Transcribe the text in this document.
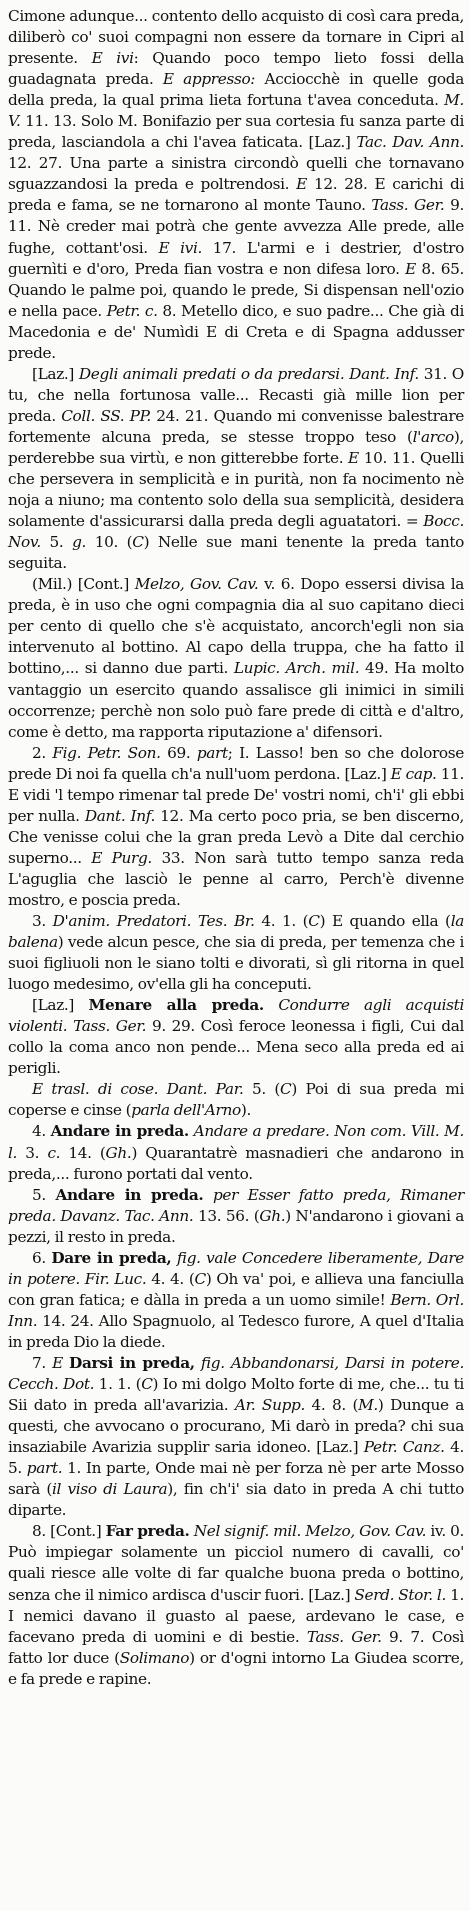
Cimone adunque... contento dello acquisto di così cara preda, diliberò co' suoi compagni non essere da tornare in Cipri al presente. E ivi: Quando poco tempo lieto fossi della guadagnata preda. E appresso: Acciocchè in quelle goda della preda, la qual prima lieta fortuna t'avea conceduta. M. V. 11. 13. Solo M. Bonifazio per sua cortesia fu sanza parte di preda, lasciandola a chi l'avea faticata. [Laz.] Tac. Dav. Ann. 12. 27. Una parte a sinistra circondò quelli che tornavano sguazzandosi la preda e poltrendosi. E 12. 28. E carichi di preda e fama, se ne tornarono al monte Tauno. Tass. Ger. 9. 11. Nè creder mai potrà che gente avvezza Alle prede, alle fughe, cottant'osi. E ivi. 17. L'armi e i destrier, d'ostro guernìti e d'oro, Preda fian vostra e non difesa loro. E 8. 65. Quando le palme poi, quando le prede, Si dispensan nell'ozio e nella pace. Petr. c. 8. Metello dico, e suo padre... Che già di Macedonia e de' Numìdi E di Creta e di Spagna addusser prede.

[Laz.] Degli animali predati o da predarsi. Dant. Inf. 31. O tu, che nella fortunosa valle... Recasti già mille lion per preda. Coll. SS. PP. 24. 21. Quando mi convenisse balestrare fortemente alcuna preda, se stesse troppo teso (l'arco), perderebbe sua virtù, e non gitterebbe forte. E 10. 11. Quelli che persevera in semplicità e in purità, non fa nocimento nè noja a niuno; ma contento solo della sua semplicità, desidera solamente d'assicurarsi dalla preda degli aguatatori. = Bocc. Nov. 5. g. 10. (C) Nelle sue mani tenente la preda tanto seguita.

(Mil.) [Cont.] Melzo, Gov. Cav. v. 6. Dopo essersi divisa la preda, è in uso che ogni compagnia dia al suo capitano dieci per cento di quello che s'è acquistato, ancorch'egli non sia intervenuto al bottino. Al capo della truppa, che ha fatto il bottino,... si danno due parti. Lupic. Arch. mil. 49. Ha molto vantaggio un esercito quando assalisce gli inimici in simili occorrenze; perchè non solo può fare prede di città e d'altro, come è detto, ma rapporta riputazione a' difensori.

2. Fig. Petr. Son. 69. part; I. Lasso! ben so che dolorose prede Di noi fa quella ch'a null'uom perdona. [Laz.] E cap. 11. E vidi 'l tempo rimenar tal prede De' vostri nomi, ch'i' gli ebbi per nulla. Dant. Inf. 12. Ma certo poco pria, se ben discerno, Che venisse colui che la gran preda Levò a Dite dal cerchio superno... E Purg. 33. Non sarà tutto tempo sanza reda L'aguglia che lasciò le penne al carro, Perch'è divenne mostro, e poscia preda.

3. D'anim. Predatori. Tes. Br. 4. 1. (C) E quando ella (la balena) vede alcun pesce, che sia di preda, per temenza che i suoi figliuoli non le siano tolti e divorati, sì gli ritorna in quel luogo medesimo, ov'ella gli ha conceputi.

[Laz.] Menare alla preda. Condurre agli acquisti violenti. Tass. Ger. 9. 29. Così feroce leonessa i figli, Cui dal collo la coma anco non pende... Mena seco alla preda ed ai perigli.

E trasl. di cose. Dant. Par. 5. (C) Poi di sua preda mi coperse e cinse (parla dell'Arno).

4. Andare in preda. Andare a predare. Non com. Vill. M. l. 3. c. 14. (Gh.) Quarantatrè masnadieri che andarono in preda,... furono portati dal vento.

5. Andare in preda. per Esser fatto preda, Rimaner preda. Davanz. Tac. Ann. 13. 56. (Gh.) N'andarono i giovani a pezzi, il resto in preda.

6. Dare in preda, fig. vale Concedere liberamente, Dare in potere. Fir. Luc. 4. 4. (C) Oh va' poi, e allieva una fanciulla con gran fatica; e dàlla in preda a un uomo simile! Bern. Orl. Inn. 14. 24. Allo Spagnuolo, al Tedesco furore, A quel d'Italia in preda Dio la diede.

7. E Darsi in preda, fig. Abbandonarsi, Darsi in potere. Cecch. Dot. 1. 1. (C) Io mi dolgo Molto forte di me, che... tu ti Sii dato in preda all'avarizia. Ar. Supp. 4. 8. (M.) Dunque a questi, che avvocano o procurano, Mi darò in preda? chi sua insaziabile Avarizia supplir saria idoneo. [Laz.] Petr. Canz. 4. 5. part. 1. In parte, Onde mai nè per forza nè per arte Mosso sarà (il viso di Laura), fin ch'i' sia dato in preda A chi tutto diparte.

8. [Cont.] Far preda. Nel signif. mil. Melzo, Gov. Cav. iv. 0. Può impiegar solamente un picciol numero di cavalli, co' quali riesce alle volte di far qualche buona preda o bottino, senza che il nimico ardisca d'uscir fuori. [Laz.] Serd. Stor. l. 1. I nemici davano il guasto al paese, ardevano le case, e facevano preda di uomini e di bestie. Tass. Ger. 9. 7. Così fatto lor duce (Solimano) or d'ogni intorno La Giudea scorre, e fa prede e rapine.
